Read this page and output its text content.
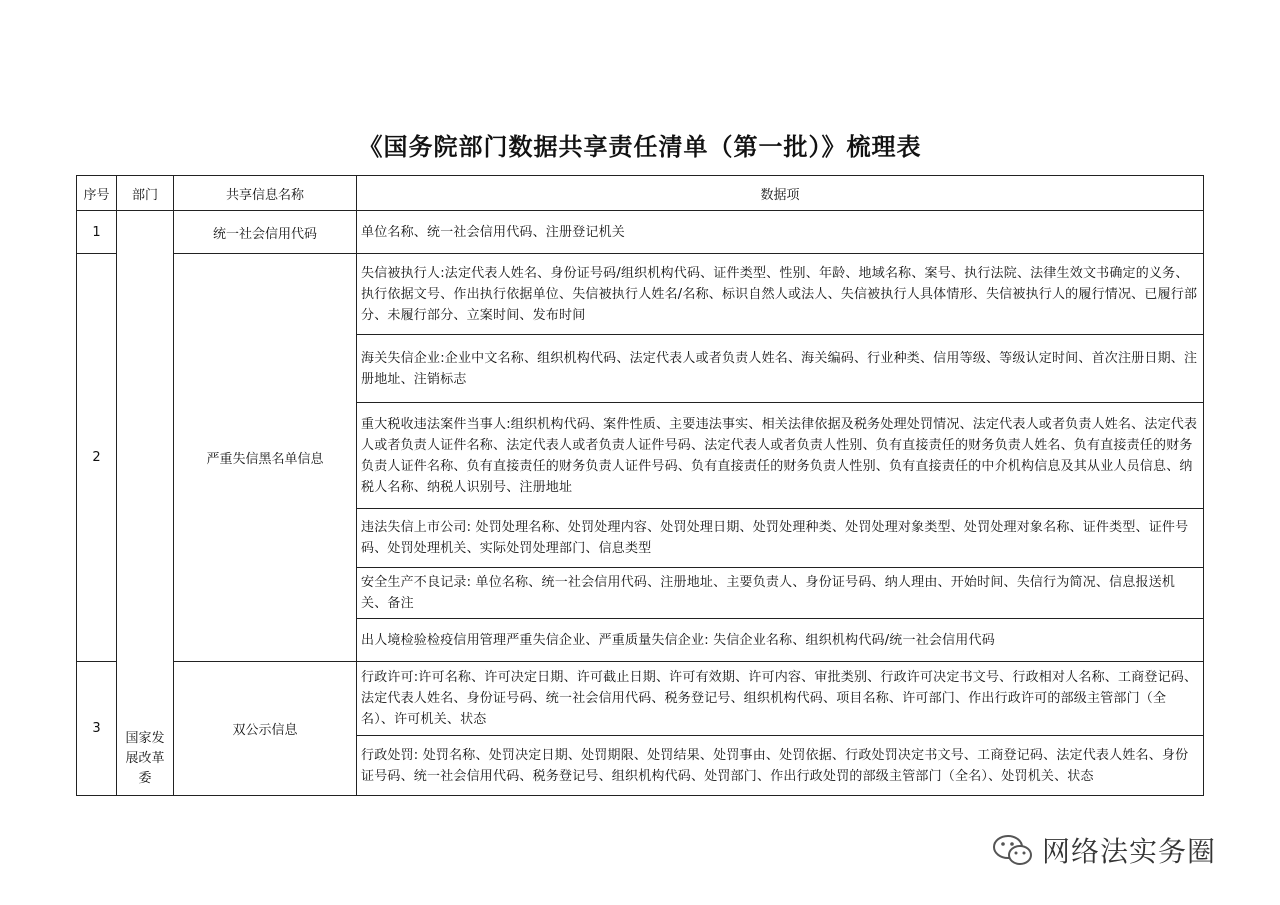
《国务院部门数据共享责任清单（第一批）》梳理表
序号	部门	共享信息名称	数据项
1	国家发展改革委	统一社会信用代码	单位名称、统一社会信用代码、注册登记机关
2		严重失信黑名单信息	失信被执行人:法定代表人姓名、身份证号码/组织机构代码、证件类型、性别、年龄、地域名称、案号、执行法院、法律生效文书确定的义务、执行依据文号、作出执行依据单位、失信被执行人姓名/名称、标识自然人或法人、失信被执行人具体情形、失信被执行人的履行情况、已履行部分、未履行部分、立案时间、发布时间
			海关失信企业:企业中文名称、组织机构代码、法定代表人或者负责人姓名、海关编码、行业种类、信用等级、等级认定时间、首次注册日期、注册地址、注销标志
			重大税收违法案件当事人:组织机构代码、案件性质、主要违法事实、相关法律依据及税务处理处罚情况、法定代表人或者负责人姓名、法定代表人或者负责人证件名称、法定代表人或者负责人证件号码、法定代表人或者负责人性别、负有直接责任的财务负责人姓名、负有直接责任的财务负责人证件名称、负有直接责任的财务负责人证件号码、负有直接责任的财务负责人性别、负有直接责任的中介机构信息及其从业人员信息、纳税人名称、纳税人识别号、注册地址
			违法失信上市公司: 处罚处理名称、处罚处理内容、处罚处理日期、处罚处理种类、处罚处理对象类型、处罚处理对象名称、证件类型、证件号码、处罚处理机关、实际处罚处理部门、信息类型
			安全生产不良记录: 单位名称、统一社会信用代码、注册地址、主要负责人、身份证号码、纳人理由、开始时间、失信行为简况、信息报送机关、备注
			出人境检验检疫信用管理严重失信企业、严重质量失信企业: 失信企业名称、组织机构代码/统一社会信用代码
3		双公示信息	行政许可:许可名称、许可决定日期、许可截止日期、许可有效期、许可内容、审批类别、行政许可决定书文号、行政相对人名称、工商登记码、法定代表人姓名、身份证号码、统一社会信用代码、税务登记号、组织机构代码、项目名称、许可部门、作出行政许可的部级主管部门（全名）、许可机关、状态
			行政处罚: 处罚名称、处罚决定日期、处罚期限、处罚结果、处罚事由、处罚依据、行政处罚决定书文号、工商登记码、法定代表人姓名、身份证号码、统一社会信用代码、税务登记号、组织机构代码、处罚部门、作出行政处罚的部级主管部门（全名）、处罚机关、状态
网络法实务圈
